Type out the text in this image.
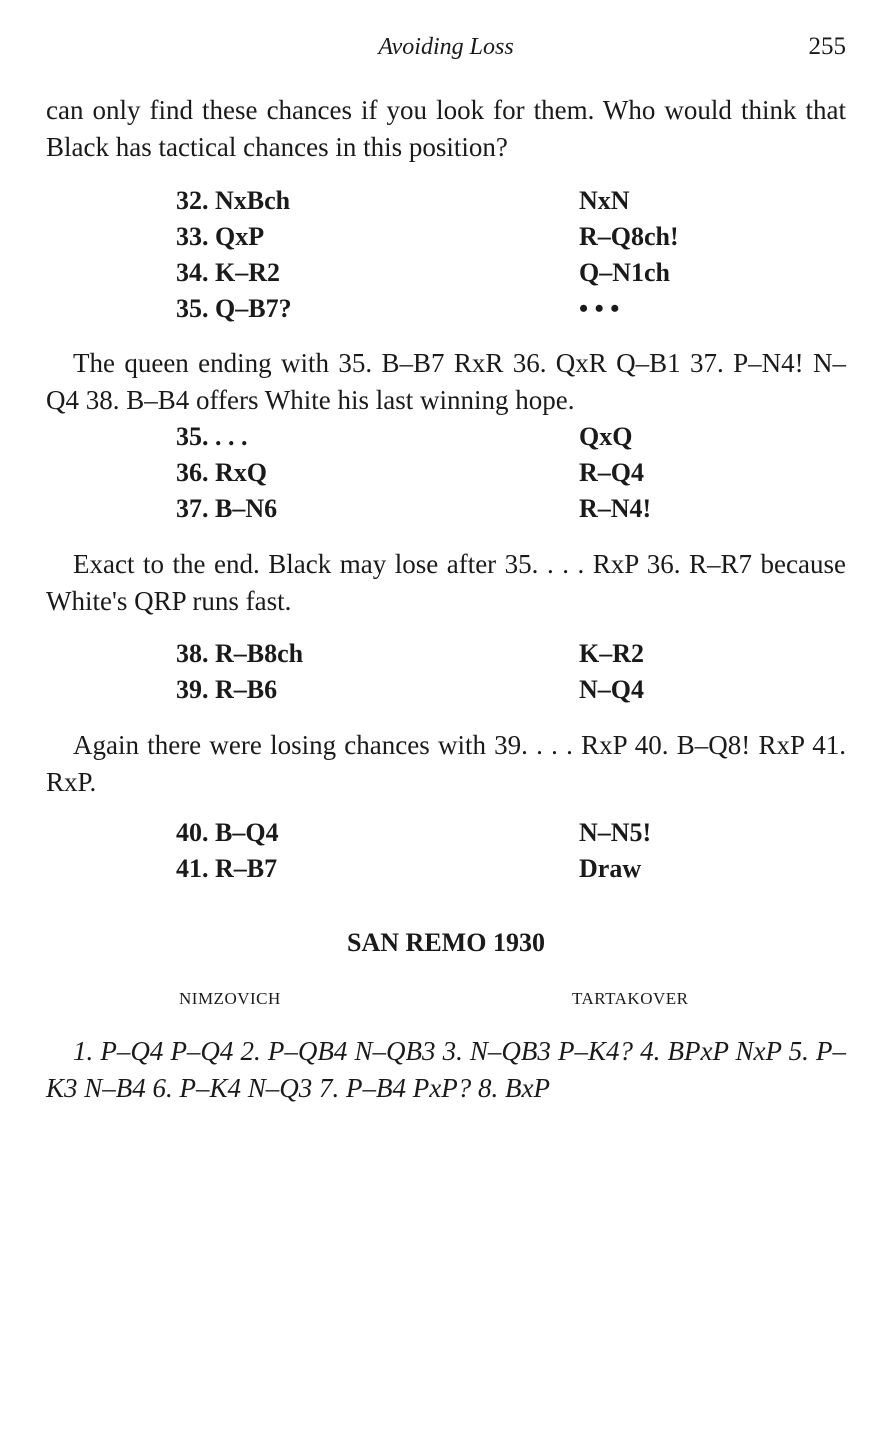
Avoiding Loss	255

can only find these chances if you look for them. Who would think that Black has tactical chances in this position?

32. NxBch	NxN
33. QxP	R–Q8ch!
34. K–R2	Q–N1ch
35. Q–B7?	• • •

The queen ending with 35. B–B7 RxR 36. QxR Q–B1 37. P–N4! N–Q4 38. B–B4 offers White his last winning hope.

35. . . .	QxQ
36. RxQ	R–Q4
37. B–N6	R–N4!

Exact to the end. Black may lose after 35. . . . RxP 36. R–R7 because White's QRP runs fast.

38. R–B8ch	K–R2
39. R–B6	N–Q4

Again there were losing chances with 39. . . . RxP 40. B–Q8! RxP 41. RxP.

40. B–Q4	N–N5!
41. R–B7	Draw
SAN REMO 1930
NIMZOVICH	TARTAKOVER

1. P–Q4 P–Q4 2. P–QB4 N–QB3 3. N–QB3 P–K4? 4. BPxP NxP 5. P–K3 N–B4 6. P–K4 N–Q3 7. P–B4 PxP? 8. BxP
